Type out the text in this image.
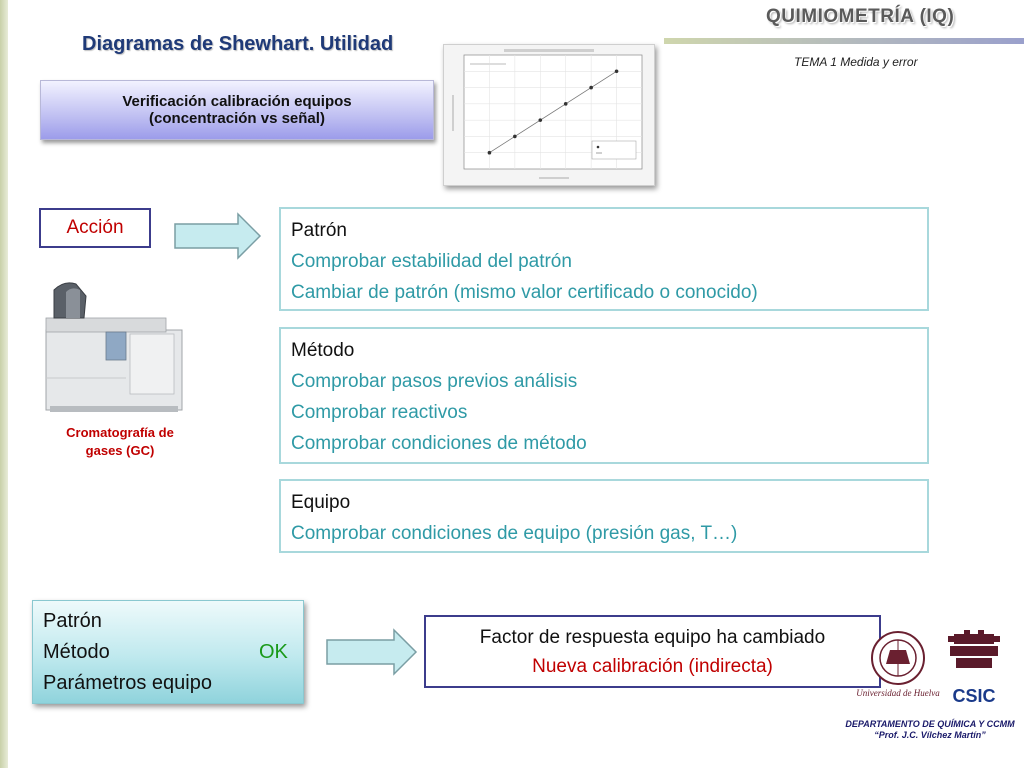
QUIMIOMETRÍA (IQ)
TEMA 1 Medida y error
Diagramas de Shewhart. Utilidad
Verificación calibración equipos
(concentración vs señal)
Acción	Patrón
Comprobar estabilidad del patrón
Cambiar de patrón (mismo valor certificado o conocido)
Método
Comprobar pasos previos análisis
Comprobar reactivos
Comprobar condiciones de método
Equipo
Comprobar condiciones de equipo (presión gas, T…)
Cromatografía de
gases (GC)
Patrón
Método
Parámetros equipo
OK
Factor de respuesta equipo ha cambiado
Nueva calibración (indirecta)
Universidad de Huelva CSIC
DEPARTAMENTO DE QUÍMICA Y CCMM
“Prof. J.C. Vílchez Martín”
